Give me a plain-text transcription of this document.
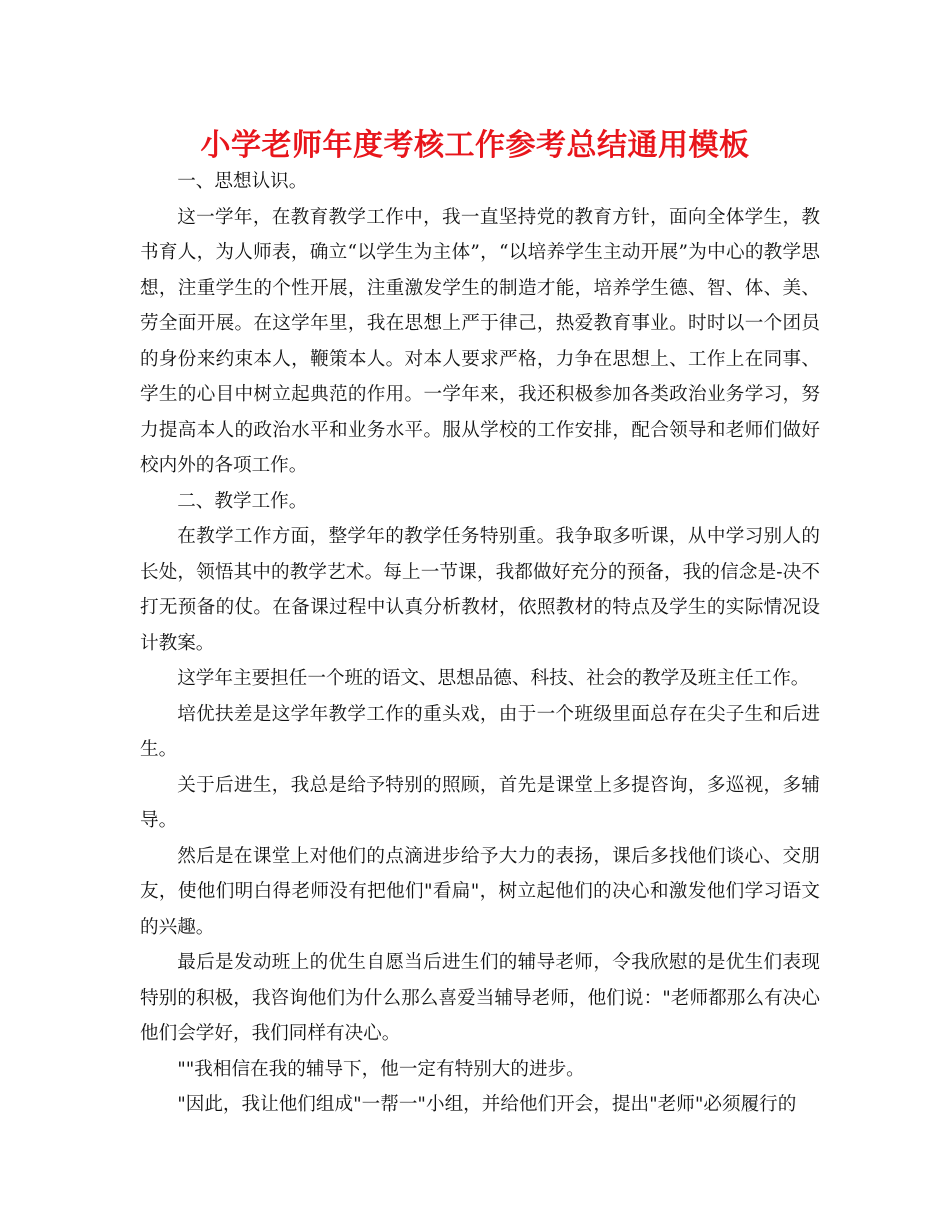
小学老师年度考核工作参考总结通用模板

一、思想认识。

这一学年，在教育教学工作中，我一直坚持党的教育方针，面向全体学生，教书育人，为人师表，确立“以学生为主体”，“以培养学生主动开展”为中心的教学思想，注重学生的个性开展，注重激发学生的制造才能，培养学生德、智、体、美、劳全面开展。在这学年里，我在思想上严于律己，热爱教育事业。时时以一个团员的身份来约束本人，鞭策本人。对本人要求严格，力争在思想上、工作上在同事、学生的心目中树立起典范的作用。一学年来，我还积极参加各类政治业务学习，努力提高本人的政治水平和业务水平。服从学校的工作安排，配合领导和老师们做好校内外的各项工作。

二、教学工作。

在教学工作方面，整学年的教学任务特别重。我争取多听课，从中学习别人的长处，领悟其中的教学艺术。每上一节课，我都做好充分的预备，我的信念是-决不打无预备的仗。在备课过程中认真分析教材，依照教材的特点及学生的实际情况设计教案。

这学年主要担任一个班的语文、思想品德、科技、社会的教学及班主任工作。

培优扶差是这学年教学工作的重头戏，由于一个班级里面总存在尖子生和后进生。

关于后进生，我总是给予特别的照顾，首先是课堂上多提咨询，多巡视，多辅导。

然后是在课堂上对他们的点滴进步给予大力的表扬，课后多找他们谈心、交朋友，使他们明白得老师没有把他们"看扁"，树立起他们的决心和激发他们学习语文的兴趣。

最后是发动班上的优生自愿当后进生们的辅导老师，令我欣慰的是优生们表现特别的积极，我咨询他们为什么那么喜爱当辅导老师，他们说："老师都那么有决心他们会学好，我们同样有决心。

""我相信在我的辅导下，他一定有特别大的进步。

"因此，我让他们组成"一帮一"小组，并给他们开会，提出"老师"必须履行的
